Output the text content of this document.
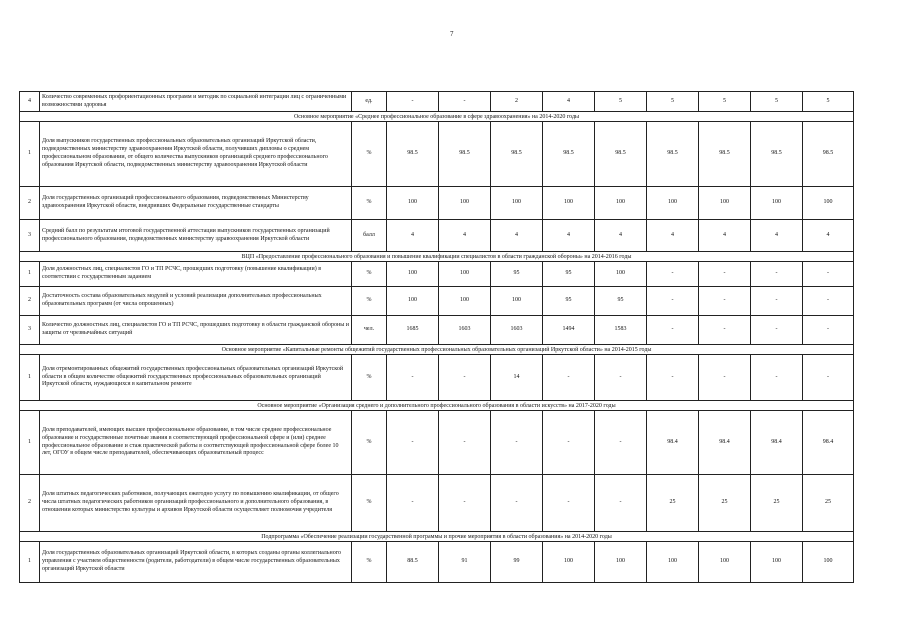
7
4	Количество современных профориентационных программ и методик по социальной интеграции лиц с ограниченными возможностями здоровья	ед.	-	-	2	4	5	5	5	5	5
Основное мероприятие «Среднее профессиональное образование в сфере здравоохранения» на 2014-2020 годы											
1	Доля выпускников государственных профессиональных образовательных организаций Иркутской области, подведомственных министерству здравоохранения Иркутской области, получивших дипломы о среднем профессиональном образовании, от общего количества выпускников организаций среднего профессионального образования Иркутской области, подведомственных министерству здравоохранения Иркутской области	%	98.5	98.5	98.5	98.5	98.5	98.5	98.5	98.5	98.5
2	Доля государственных организаций профессионального образования, подведомственных Министерству здравоохранения Иркутской области, внедривших Федеральные государственные стандарты	%	100	100	100	100	100	100	100	100	100
3	Средний балл по результатам итоговой государственной аттестации выпускников государственных организаций профессионального образования, подведомственных министерству здравоохранения Иркутской области	балл	4	4	4	4	4	4	4	4	4
ВЦП «Предоставление профессионального образования и повышение квалификации специалистов в области гражданской обороны» на 2014-2016 годы											
1	Доля должностных лиц, специалистов ГО и ТП РСЧС, прошедших подготовку (повышение квалификации) в соответствии с государственным заданием	%	100	100	95	95	100	-	-	-	-
2	Достаточность состава образовательных модулей и условий реализации дополнительных профессиональных образовательных программ (от числа опрошенных)	%	100	100	100	95	95	-	-	-	-
3	Количество должностных лиц, специалистов ГО и ТП РСЧС, прошедших подготовку в области гражданской обороны и защиты от чрезвычайных ситуаций	чел.	1685	1603	1603	1494	1583	-	-	-	-
Основное мероприятие «Капитальные ремонты общежитий государственных профессиональных образовательных организаций Иркутской области» на 2014-2015 годы											
1	Доля отремонтированных общежитий государственных профессиональных образовательных организаций Иркутской области в общем количестве общежитий государственных профессиональных образовательных организаций Иркутской области, нуждающихся в капитальном ремонте	%	-	-	14	-	-	-	-	-	-
Основное мероприятие «Организация среднего и дополнительного профессионального образования в области искусств» на 2017-2020 годы											
1	Доля преподавателей, имеющих высшее профессиональное образование, в том числе среднее профессиональное образование и государственные почетные звания в соответствующей профессиональной сфере и (или) среднее профессиональное образование и стаж практической работы в соответствующей профессиональной сфере более 10 лет, ОГОУ в общем числе преподавателей, обеспечивающих образовательный процесс	%	-	-	-	-	-	98.4	98.4	98.4	98.4
2	Доля штатных педагогических работников, получающих ежегодно услугу по повышению квалификации, от общего числа штатных педагогических работников организаций профессионального и дополнительного образования, в отношении которых министерство культуры и архивов Иркутской области осуществляет полномочия учредителя	%	-	-	-	-	-	25	25	25	25
Подпрограмма «Обеспечение реализации государственной программы и прочие мероприятия в области образования» на 2014-2020 годы											
1	Доля государственных образовательных организаций Иркутской области, в которых созданы органы коллегиального управления с участием общественности (родители, работодатели) в общем числе государственных образовательных организаций Иркутской области	%	88.5	91	99	100	100	100	100	100	100
